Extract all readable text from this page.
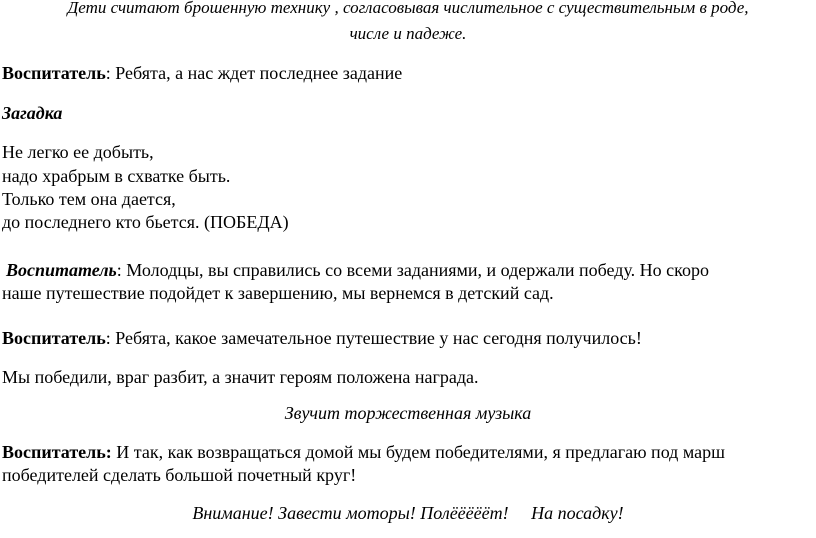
Дети считают брошенную технику , согласовывая числительное с существительным в роде,
числе и падеже.
Воспитатель: Ребята, а нас ждет последнее задание
Загадка
Не легко ее добыть,
надо храбрым в схватке быть.
Только тем она дается,
до последнего кто бьется. (ПОБЕДА)
Воспитатель: Молодцы, вы справились со всеми заданиями, и одержали победу. Но скоро
наше путешествие подойдет к завершению, мы вернемся в детский сад.
Воспитатель: Ребята, какое замечательное путешествие у нас сегодня получилось!
Мы победили, враг разбит, а значит героям положена награда.
Звучит торжественная музыка
Воспитатель: И так, как возвращаться домой мы будем победителями, я предлагаю под марш
победителей сделать большой почетный круг!
Внимание! Завести моторы! Полёёёёёт!     На посадку!
